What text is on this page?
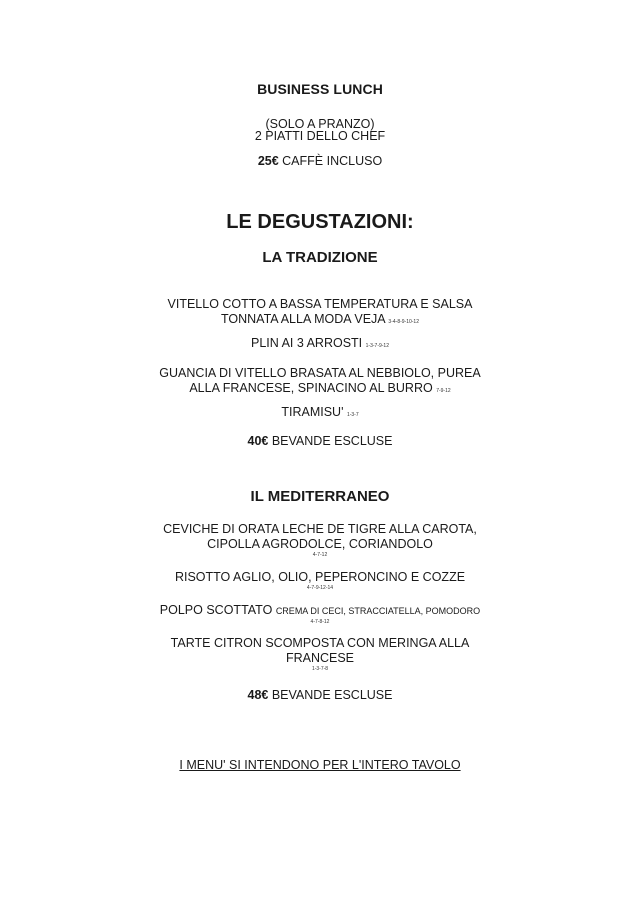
BUSINESS LUNCH
(SOLO A PRANZO)
2 PIATTI DELLO CHEF
25€ CAFFÈ INCLUSO
LE DEGUSTAZIONI:
LA TRADIZIONE
VITELLO COTTO A BASSA TEMPERATURA E SALSA
TONNATA ALLA MODA VEJA 3-4-8-9-10-12
PLIN AI 3 ARROSTI 1-3-7-9-12
GUANCIA DI VITELLO BRASATA AL NEBBIOLO, PUREA
ALLA FRANCESE, SPINACINO AL BURRO 7-9-12
TIRAMISU' 1-3-7
40€ BEVANDE ESCLUSE
IL MEDITERRANEO
CEVICHE DI ORATA LECHE DE TIGRE ALLA CAROTA,
CIPOLLA AGRODOLCE, CORIANDOLO
4-7-12
RISOTTO AGLIO, OLIO, PEPERONCINO E COZZE
4-7-9-12-14
POLPO SCOTTATO CREMA DI CECI, STRACCIATELLA, POMODORO
4-7-8-12
TARTE CITRON SCOMPOSTA CON MERINGA ALLA
FRANCESE
1-3-7-8
48€ BEVANDE ESCLUSE
I MENU' SI INTENDONO PER L'INTERO TAVOLO
